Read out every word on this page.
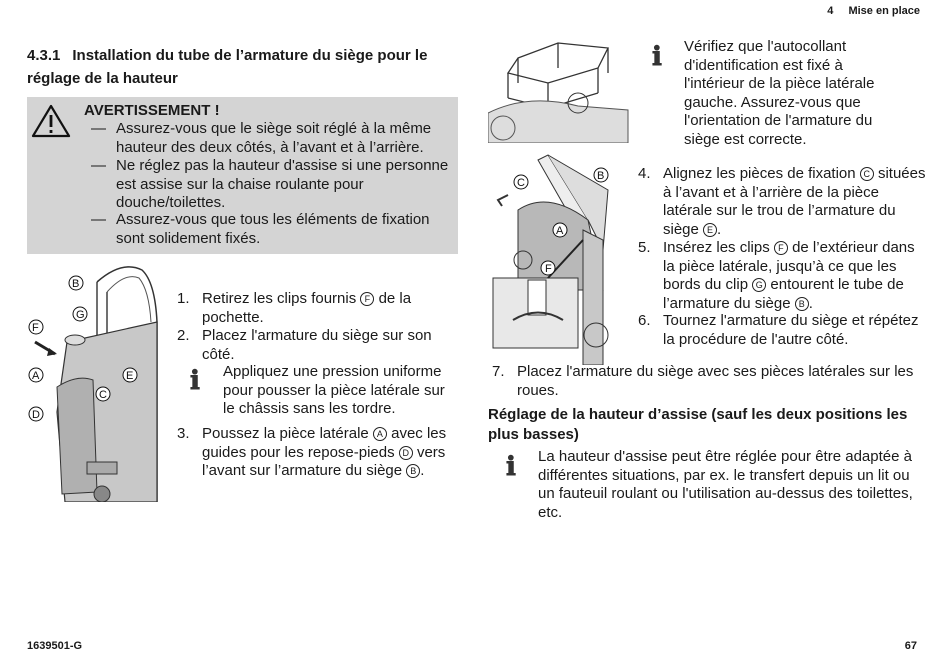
4 Mise en place
4.3.1 Installation du tube de l’armature du siège pour le réglage de la hauteur
AVERTISSEMENT !
— Assurez-vous que le siège soit réglé à la même hauteur des deux côtés, à l’avant et à l’arrière.
— Ne réglez pas la hauteur d'assise si une personne est assise sur la chaise roulante pour douche/toilettes.
— Assurez-vous que tous les éléments de fixation sont solidement fixés.
B
G
F
E
A
C
D
1. Retirez les clips fournis F de la pochette.
2. Placez l'armature du siège sur son côté.
ℹ Appliquez une pression uniforme pour pousser la pièce latérale sur le châssis sans les tordre.
3. Poussez la pièce latérale A avec les guides pour les repose-pieds D vers l’avant sur l’armature du siège B .
C
B
A
F
ℹ Vérifiez que l'autocollant d'identification est fixé à l'intérieur de la pièce latérale gauche. Assurez-vous que l'orientation de l'armature du siège est correcte.
4. Alignez les pièces de fixation C situées à l’avant et à l’arrière de la pièce latérale sur le trou de l’armature du siège E .
5. Insérez les clips F de l’extérieur dans la pièce latérale, jusqu’à ce que les bords du clip G entourent le tube de l’armature du siège B .
6. Tournez l'armature du siège et répétez la procédure de l'autre côté.
7. Placez l'armature du siège avec ses pièces latérales sur les roues.
Réglage de la hauteur d’assise (sauf les deux positions les plus basses)
ℹ La hauteur d'assise peut être réglée pour être adaptée à différentes situations, par ex. le transfert depuis un lit ou un fauteuil roulant ou l'utilisation au-dessus des toilettes, etc.
1639501-G	67
